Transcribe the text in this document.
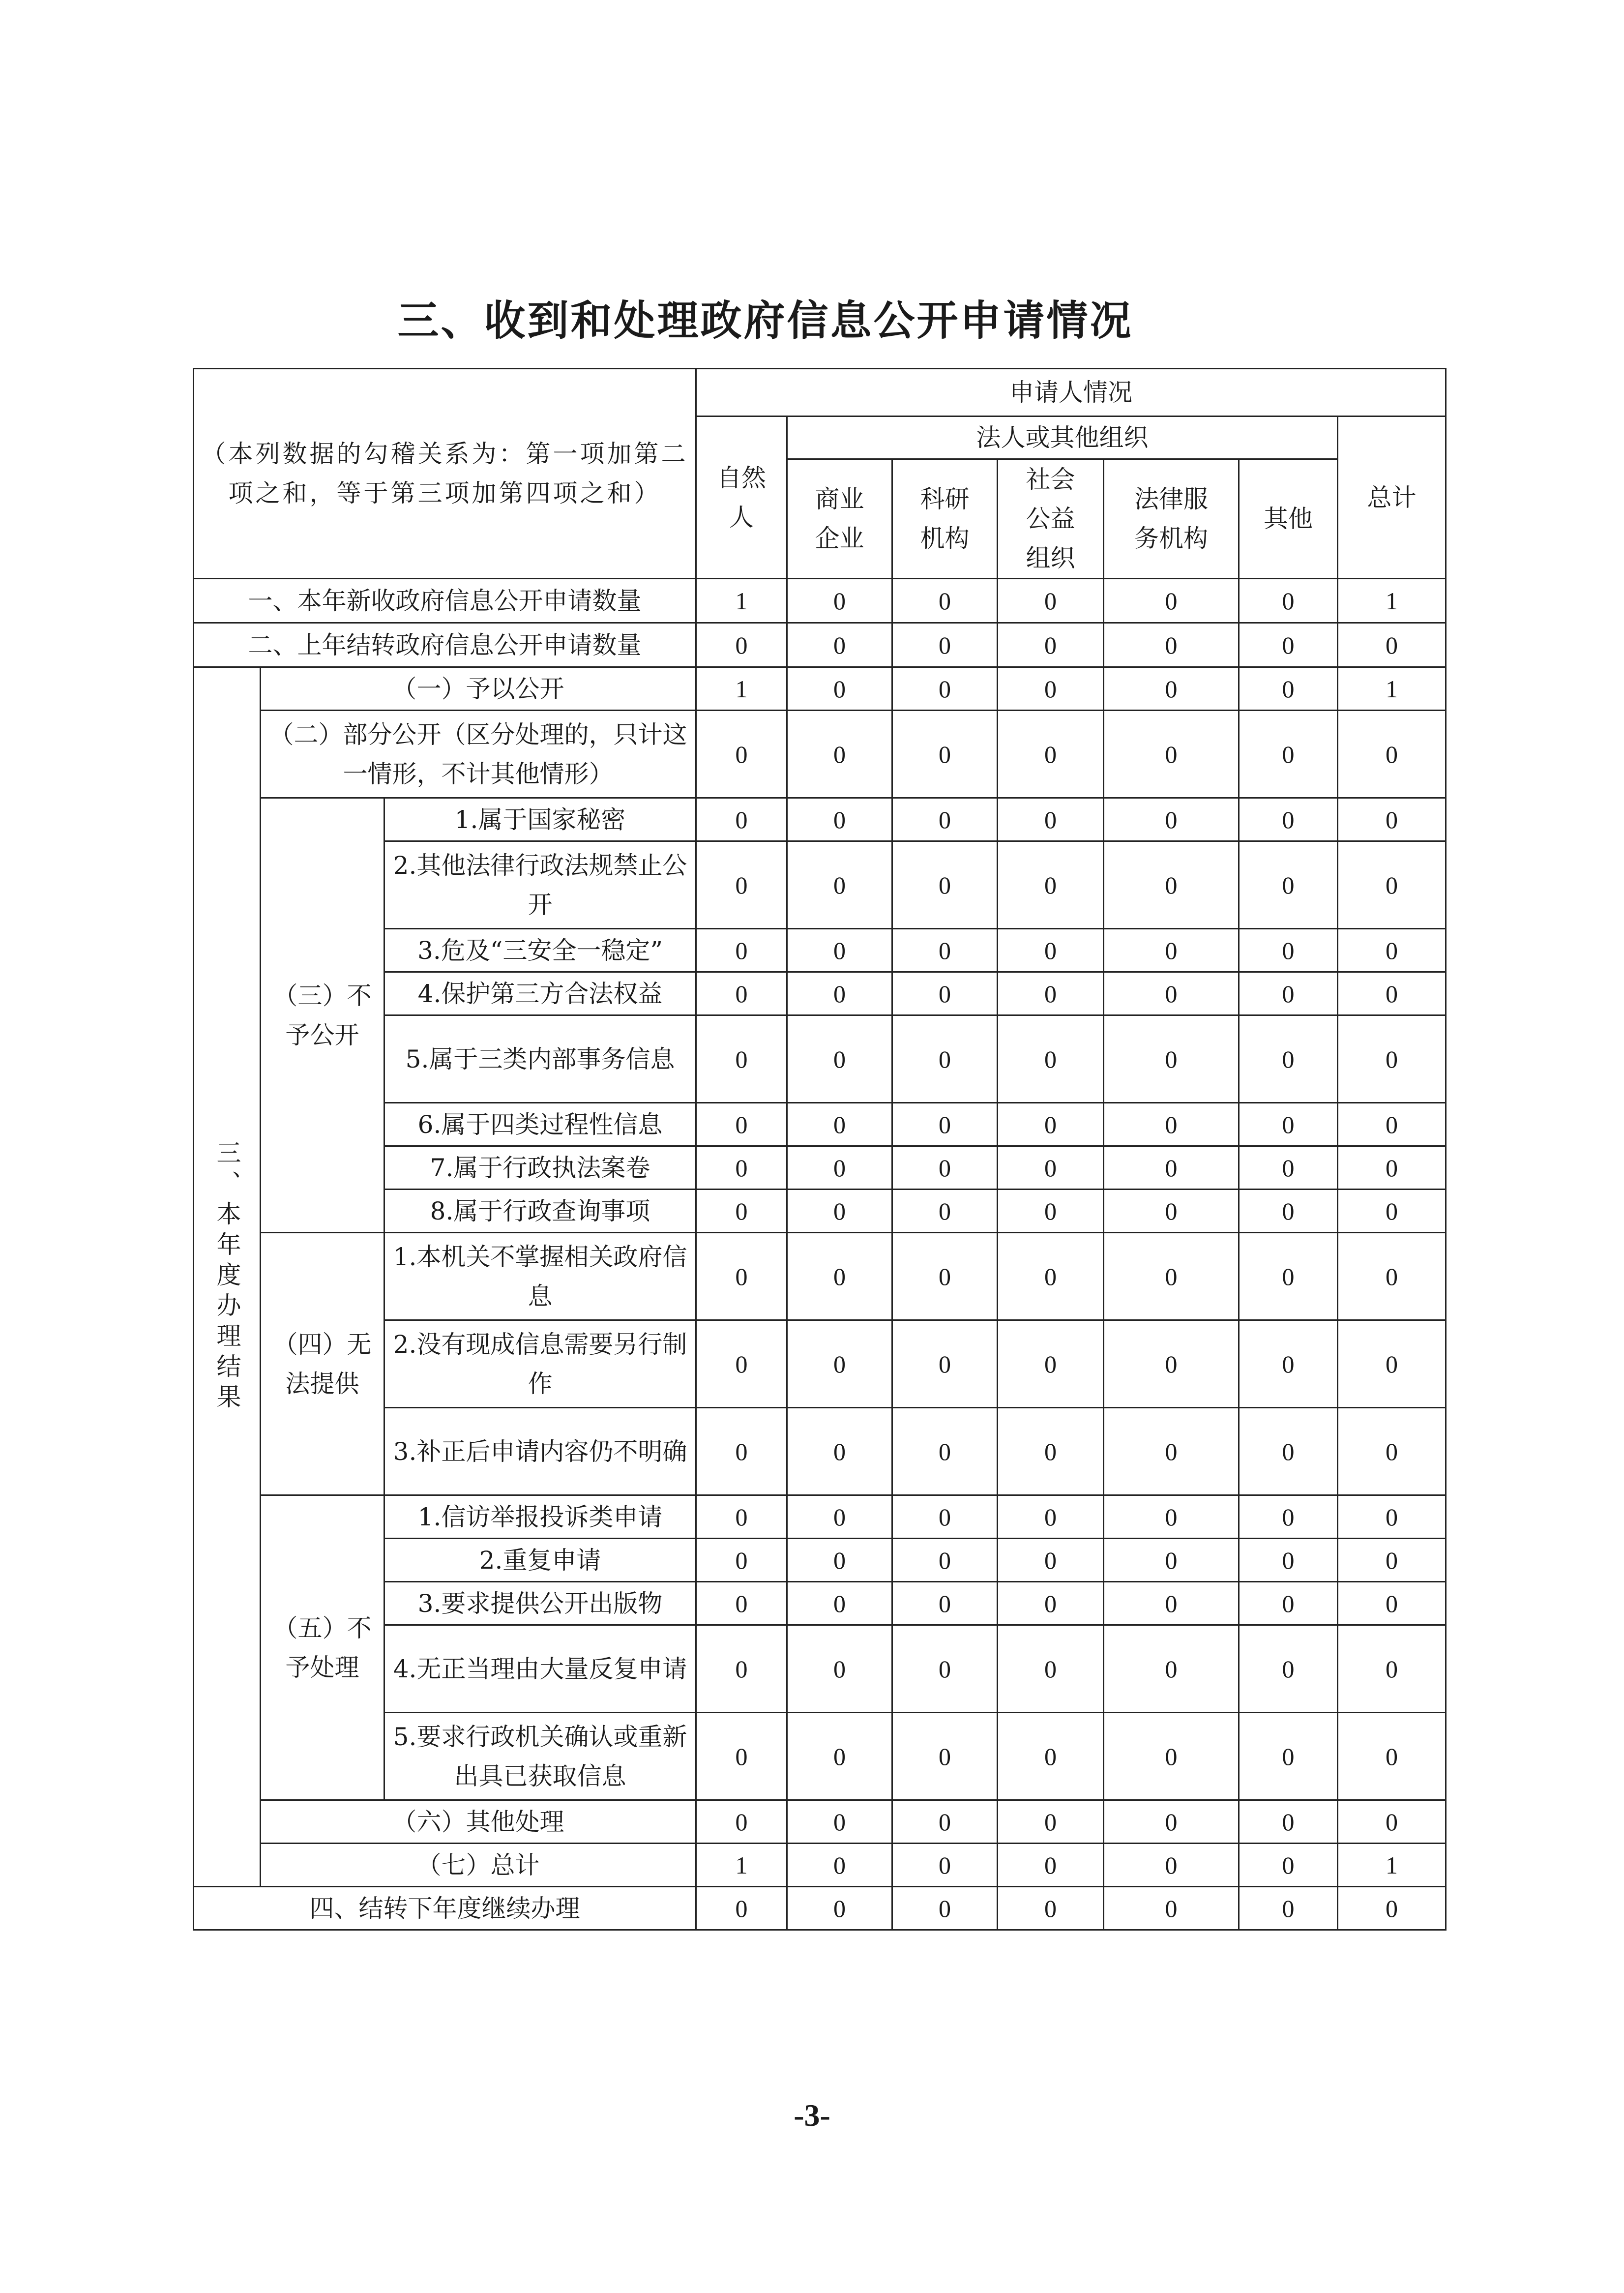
三、收到和处理政府信息公开申请情况
（本列数据的勾稽关系为：第一项加第二项之和，等于第三项加第四项之和）			申请人情况						
			自然人	法人或其他组织					总计
				商业企业	科研机构	社会公益组织	法律服务机构	其他	
一、本年新收政府信息公开申请数量			1	0	0	0	0	0	1
二、上年结转政府信息公开申请数量			0	0	0	0	0	0	0
三、本年度办理结果	（一）予以公开		1	0	0	0	0	0	1
	（二）部分公开（区分处理的，只计这一情形，不计其他情形）		0	0	0	0	0	0	0
	（三）不予公开	1.属于国家秘密	0	0	0	0	0	0	0
		2.其他法律行政法规禁止公开	0	0	0	0	0	0	0
		3.危及“三安全一稳定”	0	0	0	0	0	0	0
		4.保护第三方合法权益	0	0	0	0	0	0	0
		5.属于三类内部事务信息	0	0	0	0	0	0	0
		6.属于四类过程性信息	0	0	0	0	0	0	0
		7.属于行政执法案卷	0	0	0	0	0	0	0
		8.属于行政查询事项	0	0	0	0	0	0	0
	（四）无法提供	1.本机关不掌握相关政府信息	0	0	0	0	0	0	0
		2.没有现成信息需要另行制作	0	0	0	0	0	0	0
		3.补正后申请内容仍不明确	0	0	0	0	0	0	0
	（五）不予处理	1.信访举报投诉类申请	0	0	0	0	0	0	0
		2.重复申请	0	0	0	0	0	0	0
		3.要求提供公开出版物	0	0	0	0	0	0	0
		4.无正当理由大量反复申请	0	0	0	0	0	0	0
		5.要求行政机关确认或重新出具已获取信息	0	0	0	0	0	0	0
	（六）其他处理		0	0	0	0	0	0	0
	（七）总计		1	0	0	0	0	0	1
四、结转下年度继续办理			0	0	0	0	0	0	0
-3-
